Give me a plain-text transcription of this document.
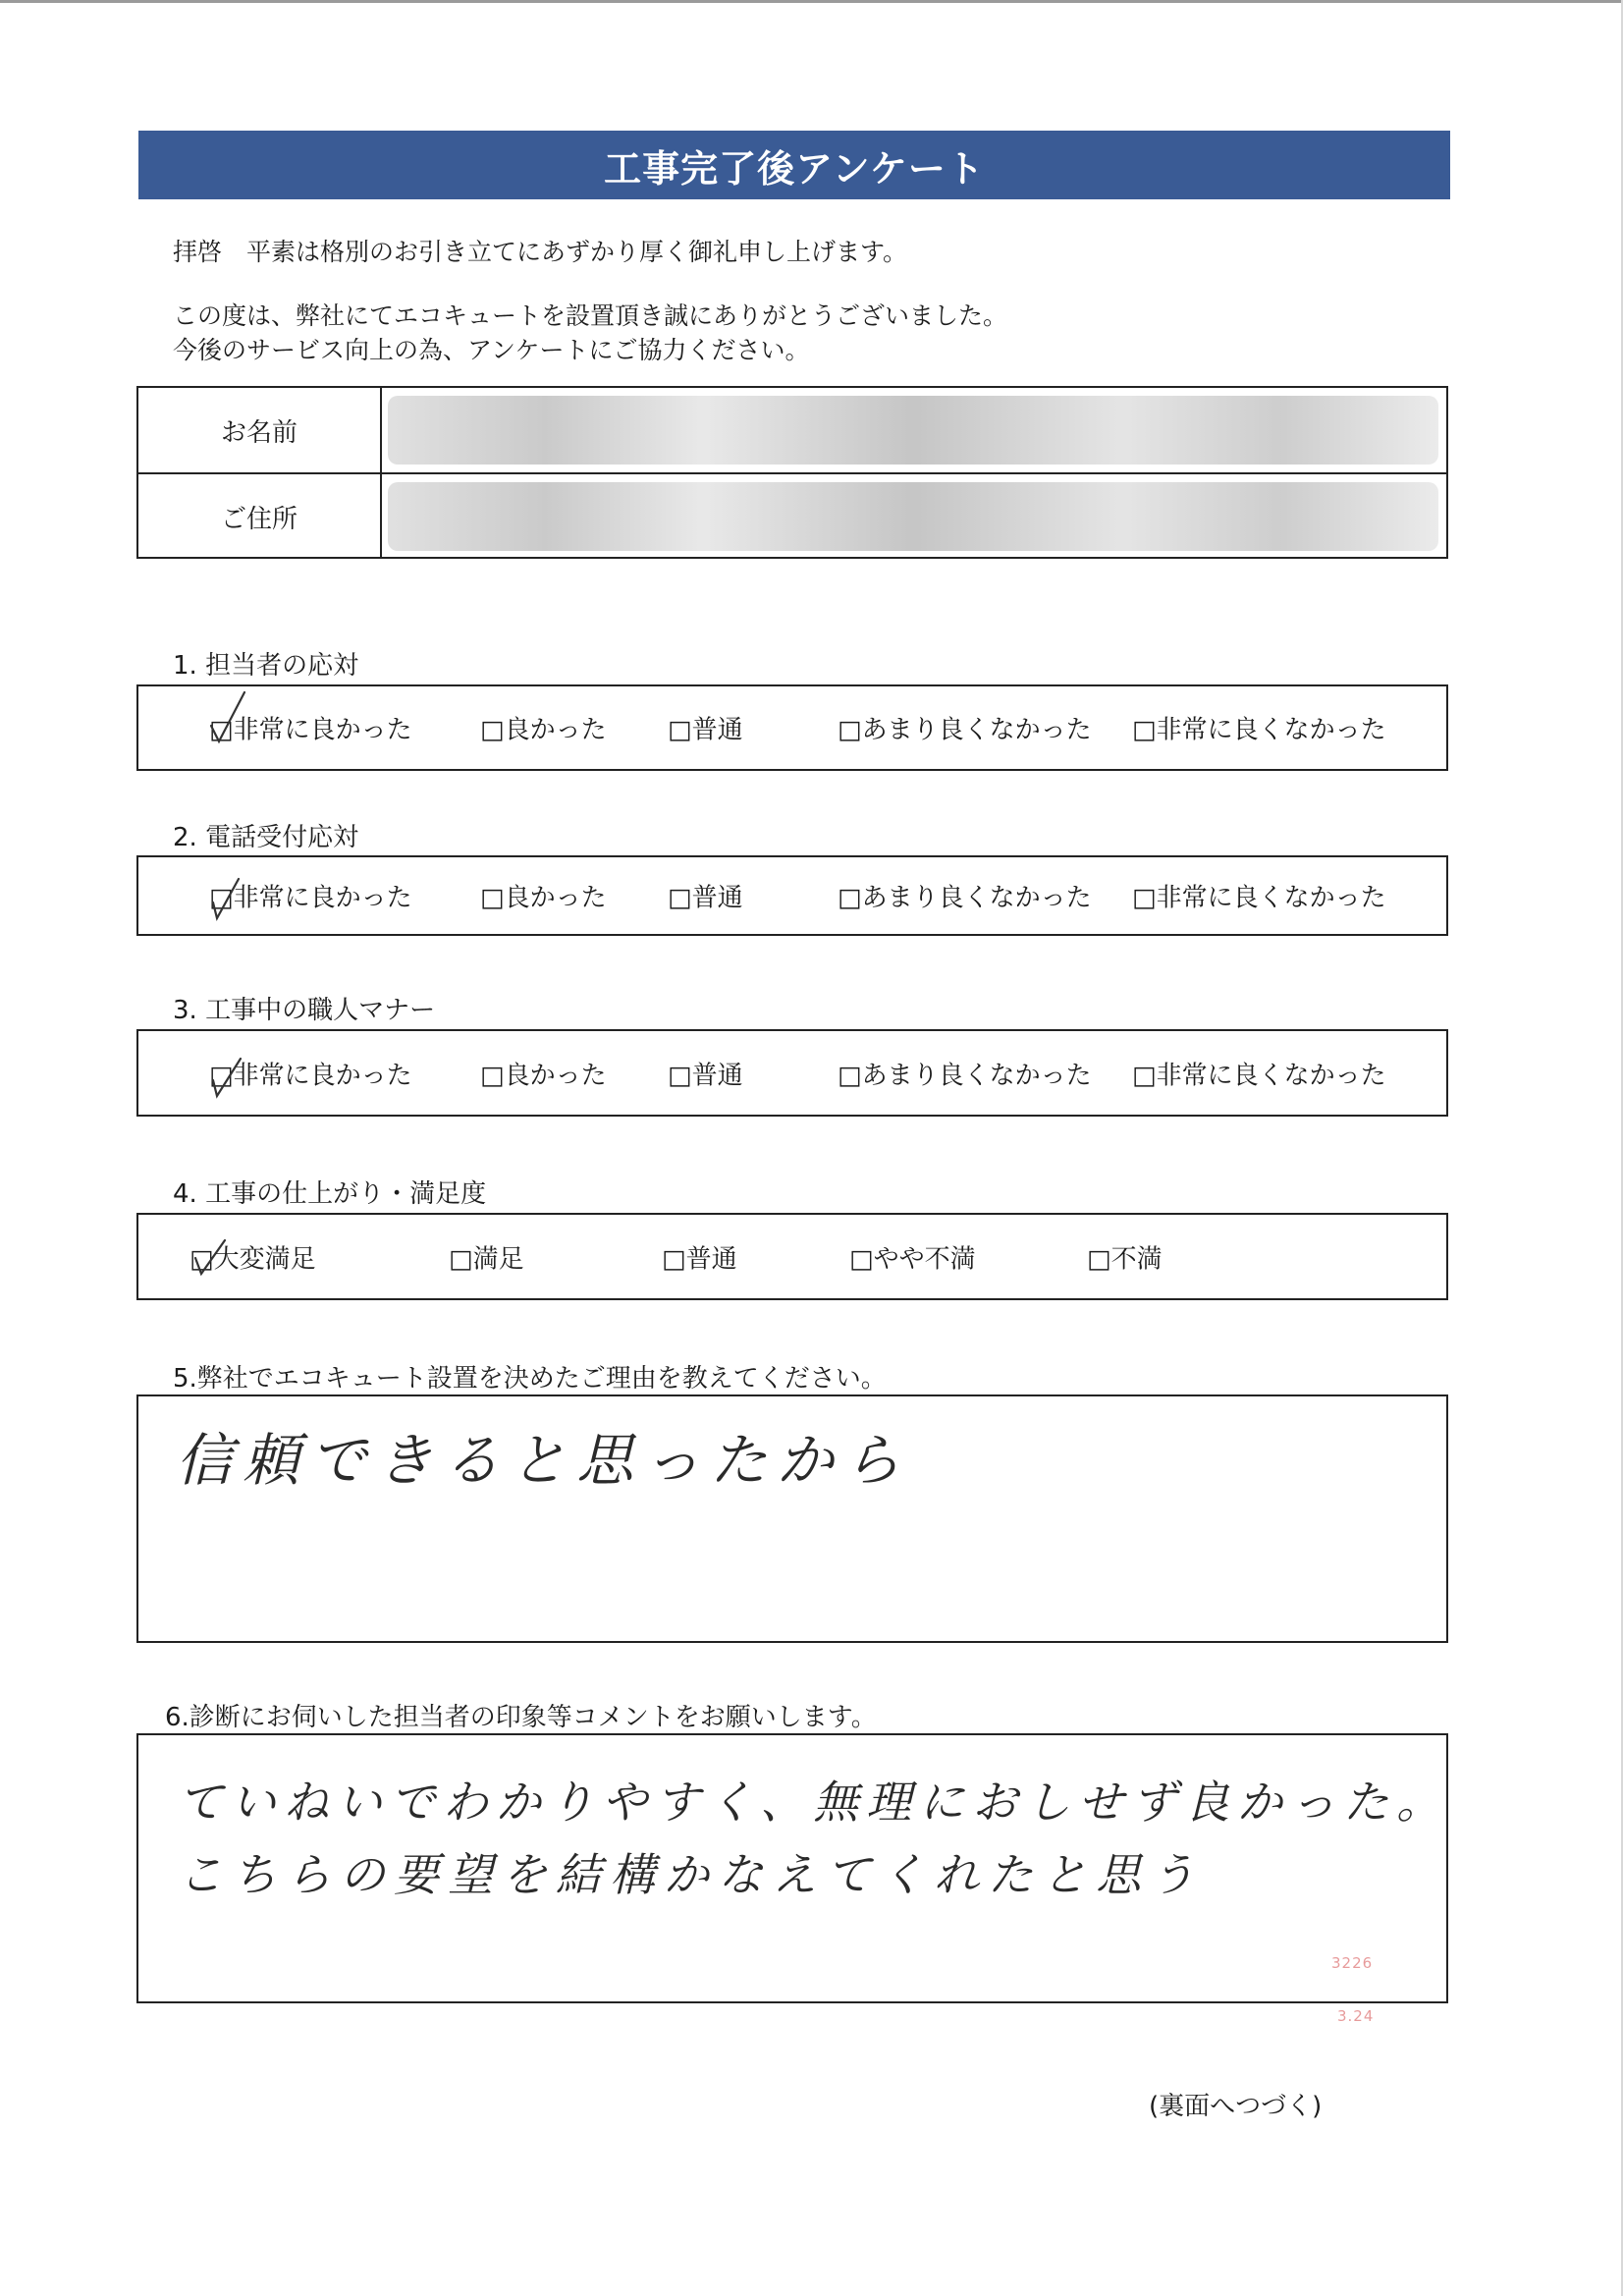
工事完了後アンケート
拝啓　平素は格別のお引き立てにあずかり厚く御礼申し上げます。
この度は、弊社にてエコキュートを設置頂き誠にありがとうございました。
今後のサービス向上の為、アンケートにご協力ください。
お名前
ご住所
1. 担当者の応対
□非常に良かった	□良かった □普通	□あまり良くなかった □非常に良くなかった
2. 電話受付応対
□非常に良かった	□良かった □普通	□あまり良くなかった □非常に良くなかった
3. 工事中の職人マナー
□非常に良かった	□良かった □普通	□あまり良くなかった □非常に良くなかった
4. 工事の仕上がり・満足度
□大変満足	□満足	□普通	□やや不満	□不満
5.弊社でエコキュート設置を決めたご理由を教えてください。
信頼できると思ったから
6.診断にお伺いした担当者の印象等コメントをお願いします。
ていねいでわかりやすく、無理におしせず良かった。
こちらの要望を結構かなえてくれたと思う
3226
3.24
(裏面へつづく)
